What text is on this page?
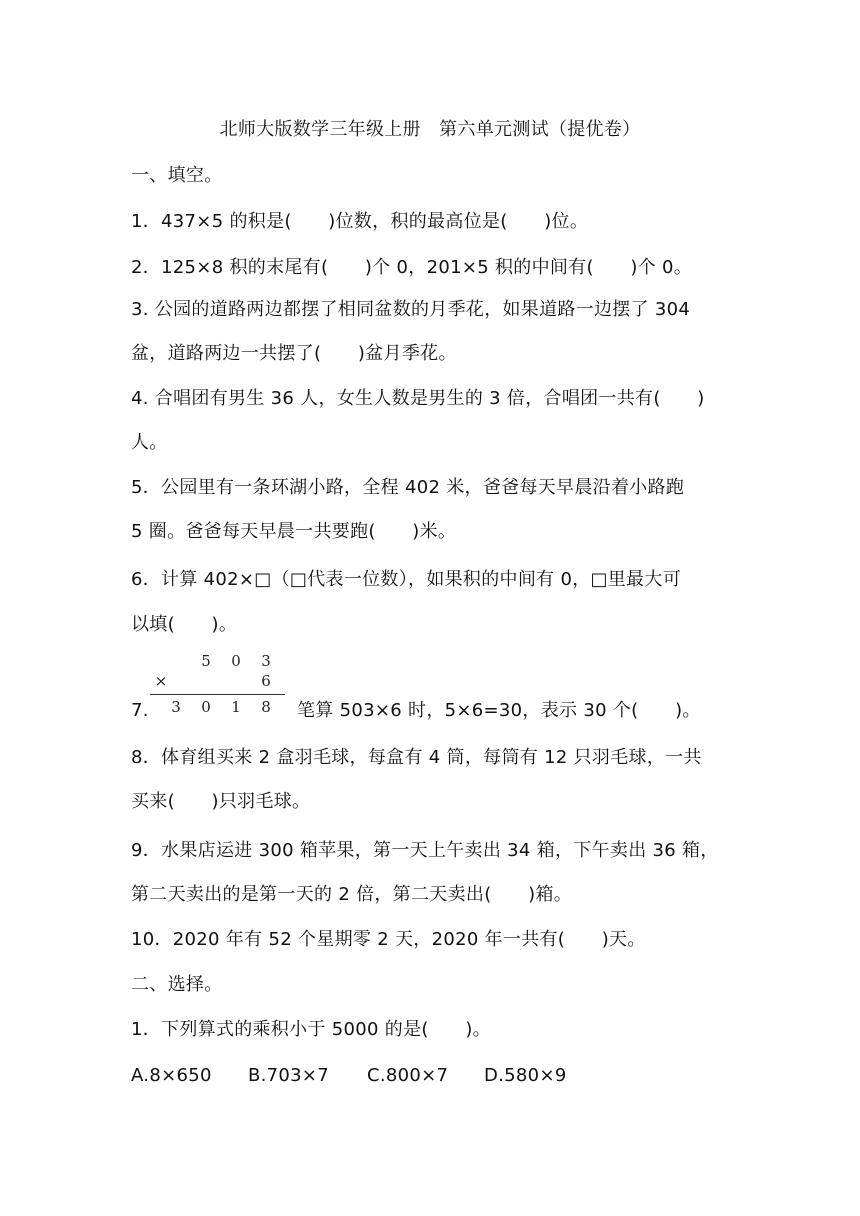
北师大版数学三年级上册　第六单元测试（提优卷）
一、填空。
1．437×5 的积是(　　)位数，积的最高位是(　　)位。
2．125×8 积的末尾有(　　)个 0，201×5 积的中间有(　　)个 0。
3. 公园的道路两边都摆了相同盆数的月季花，如果道路一边摆了 304
盆，道路两边一共摆了(　　)盆月季花。
4. 合唱团有男生 36 人，女生人数是男生的 3 倍，合唱团一共有(　　)
人。
5．公园里有一条环湖小路，全程 402 米，爸爸每天早晨沿着小路跑
5 圈。爸爸每天早晨一共要跑(　　)米。
6．计算 402×□（□代表一位数），如果积的中间有 0，□里最大可
以填(　　)。
7.
5 0 3
×	6
3 0 1 8 笔算 503×6 时，5×6=30，表示 30 个(　　)。
8．体育组买来 2 盒羽毛球，每盒有 4 筒，每筒有 12 只羽毛球，一共
买来(　　)只羽毛球。
9．水果店运进 300 箱苹果，第一天上午卖出 34 箱，下午卖出 36 箱，
第二天卖出的是第一天的 2 倍，第二天卖出(　　)箱。
10．2020 年有 52 个星期零 2 天，2020 年一共有(　　)天。
二、选择。
1．下列算式的乘积小于 5000 的是(　　)。
A.8×650	B.703×7	C.800×7	D.580×9
